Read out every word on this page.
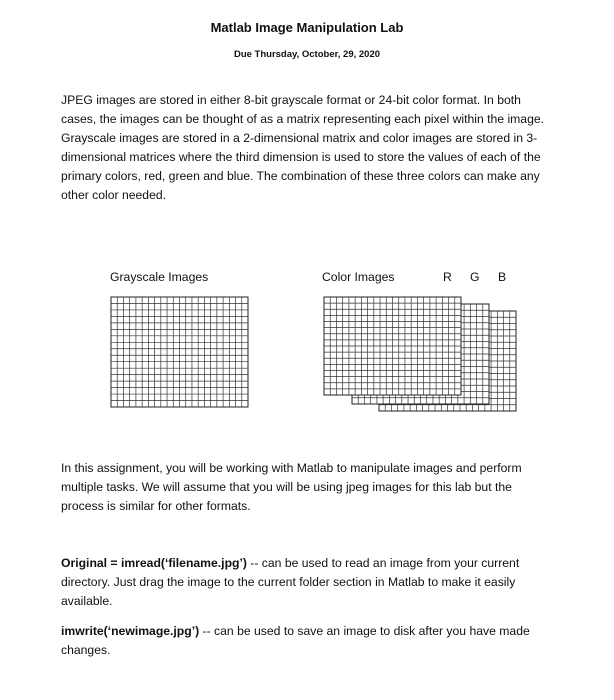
Matlab Image Manipulation Lab
Due Thursday, October, 29, 2020

JPEG images are stored in either 8-bit grayscale format or 24-bit color format. In both cases, the images can be thought of as a matrix representing each pixel within the image. Grayscale images are stored in a 2-dimensional matrix and color images are stored in 3-dimensional matrices where the third dimension is used to store the values of each of the primary colors, red, green and blue. The combination of these three colors can make any other color needed.

Grayscale Images	Color Images	R G B

In this assignment, you will be working with Matlab to manipulate images and perform multiple tasks. We will assume that you will be using jpeg images for this lab but the process is similar for other formats.

Original = imread(‘filename.jpg’) -- can be used to read an image from your current directory. Just drag the image to the current folder section in Matlab to make it easily available.

imwrite(‘newimage.jpg’) -- can be used to save an image to disk after you have made changes.
